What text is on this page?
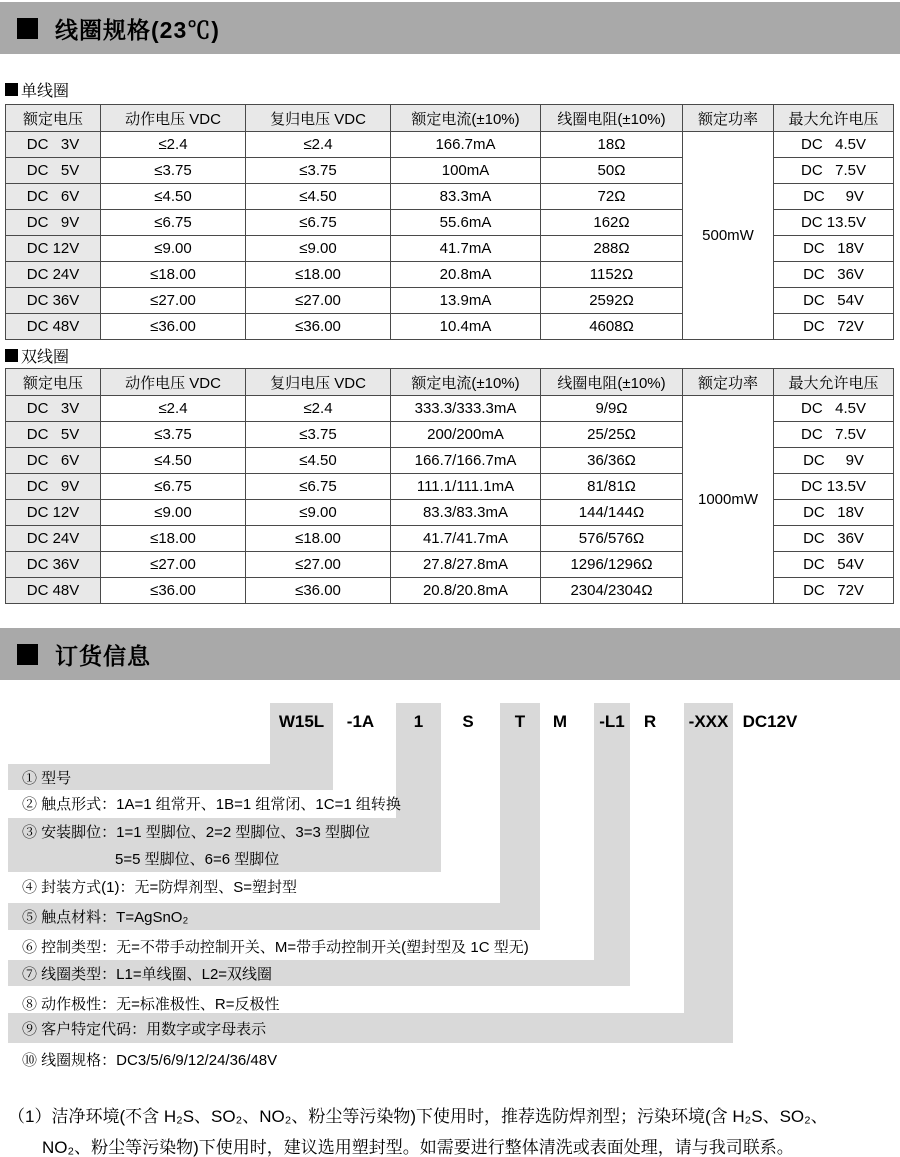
线圈规格(23℃)
单线圈
额定电压	动作电压 VDC	复归电压 VDC	额定电流(±10%)	线圈电阻(±10%)	额定功率	最大允许电压
DC   3V	≤2.4	≤2.4	166.7mA	18Ω	500mW	DC   4.5V
DC   5V	≤3.75	≤3.75	100mA	50Ω		DC   7.5V
DC   6V	≤4.50	≤4.50	83.3mA	72Ω		DC     9V
DC   9V	≤6.75	≤6.75	55.6mA	162Ω		DC 13.5V
DC 12V	≤9.00	≤9.00	41.7mA	288Ω		DC   18V
DC 24V	≤18.00	≤18.00	20.8mA	1152Ω		DC   36V
DC 36V	≤27.00	≤27.00	13.9mA	2592Ω		DC   54V
DC 48V	≤36.00	≤36.00	10.4mA	4608Ω		DC   72V
双线圈
额定电压	动作电压 VDC	复归电压 VDC	额定电流(±10%)	线圈电阻(±10%)	额定功率	最大允许电压
DC   3V	≤2.4	≤2.4	333.3/333.3mA	9/9Ω	1000mW	DC   4.5V
DC   5V	≤3.75	≤3.75	200/200mA	25/25Ω		DC   7.5V
DC   6V	≤4.50	≤4.50	166.7/166.7mA	36/36Ω		DC     9V
DC   9V	≤6.75	≤6.75	111.1/111.1mA	81/81Ω		DC 13.5V
DC 12V	≤9.00	≤9.00	83.3/83.3mA	144/144Ω		DC   18V
DC 24V	≤18.00	≤18.00	41.7/41.7mA	576/576Ω		DC   36V
DC 36V	≤27.00	≤27.00	27.8/27.8mA	1296/1296Ω		DC   54V
DC 48V	≤36.00	≤36.00	20.8/20.8mA	2304/2304Ω		DC   72V
订货信息
W15L	-1A	1	S	T	M	-L1	R	-XXX DC12V
① 型号
② 触点形式：1A=1 组常开、1B=1 组常闭、1C=1 组转换
③ 安装脚位：1=1 型脚位、2=2 型脚位、3=3 型脚位
5=5 型脚位、6=6 型脚位
④ 封装方式(1)：无=防焊剂型、S=塑封型
⑤ 触点材料：T=AgSnO₂
⑥ 控制类型：无=不带手动控制开关、M=带手动控制开关(塑封型及 1C 型无)
⑦ 线圈类型：L1=单线圈、L2=双线圈
⑧ 动作极性：无=标准极性、R=反极性
⑨ 客户特定代码：用数字或字母表示
⑩ 线圈规格：DC3/5/6/9/12/24/36/48V
（1）洁净环境(不含 H₂S、SO₂、NO₂、粉尘等污染物)下使用时，推荐选防焊剂型；污染环境(含 H₂S、SO₂、
NO₂、粉尘等污染物)下使用时，建议选用塑封型。如需要进行整体清洗或表面处理，请与我司联系。
